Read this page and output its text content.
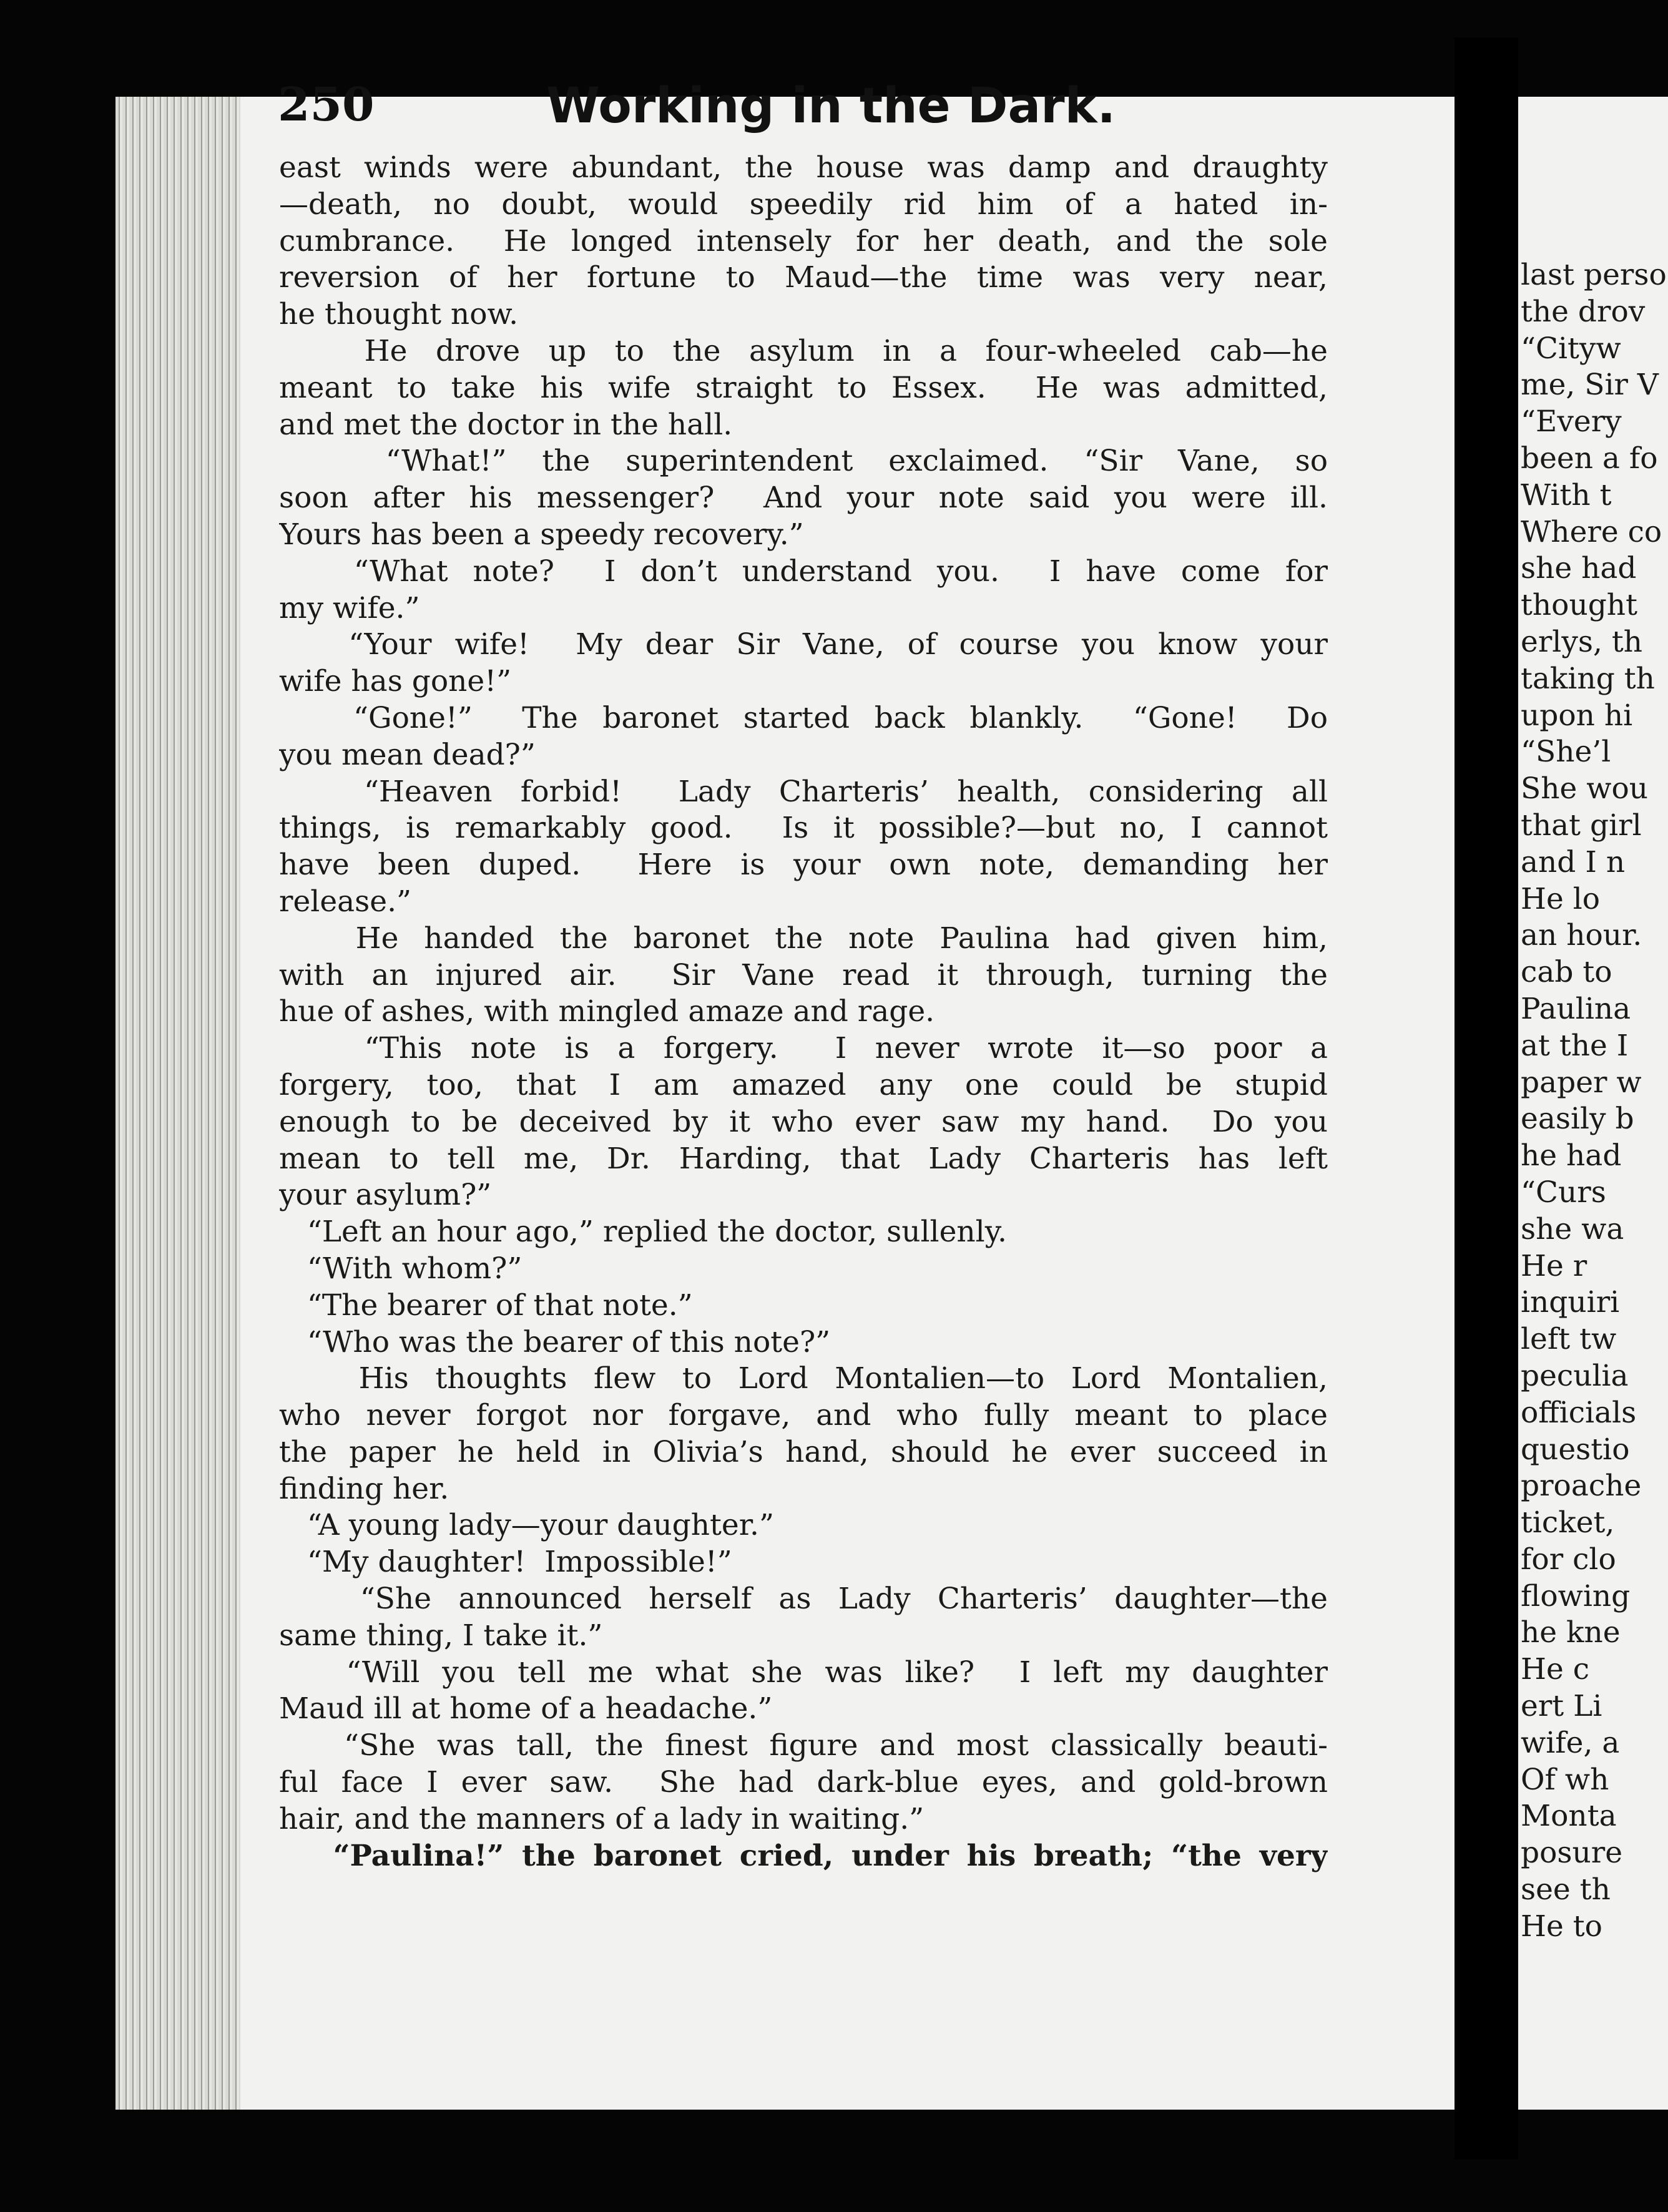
250	Working in the Dark.
east winds were abundant, the house was damp and draughty
—death, no doubt, would speedily rid him of a hated in-
cumbrance.  He longed intensely for her death, and the sole
reversion of her fortune to Maud—the time was very near,
he thought now.
He drove up to the asylum in a four-wheeled cab—he
meant to take his wife straight to Essex.  He was admitted,
and met the doctor in the hall.
“What!” the superintendent exclaimed. “Sir Vane, so
soon after his messenger?  And your note said you were ill.
Yours has been a speedy recovery.”
“What note?  I don’t understand you.  I have come for
my wife.”
“Your wife!  My dear Sir Vane, of course you know your
wife has gone!”
“Gone!”  The baronet started back blankly.  “Gone!  Do
you mean dead?”
“Heaven forbid!  Lady Charteris’ health, considering all
things, is remarkably good.  Is it possible?—but no, I cannot
have been duped.  Here is your own note, demanding her
release.”
He handed the baronet the note Paulina had given him,
with an injured air.  Sir Vane read it through, turning the
hue of ashes, with mingled amaze and rage.
“This note is a forgery.  I never wrote it—so poor a
forgery, too, that I am amazed any one could be stupid
enough to be deceived by it who ever saw my hand.  Do you
mean to tell me, Dr. Harding, that Lady Charteris has left
your asylum?”
“Left an hour ago,” replied the doctor, sullenly.
“With whom?”
“The bearer of that note.”
“Who was the bearer of this note?”
His thoughts flew to Lord Montalien—to Lord Montalien,
who never forgot nor forgave, and who fully meant to place
the paper he held in Olivia’s hand, should he ever succeed in
finding her.
“A young lady—your daughter.”
“My daughter!  Impossible!”
“She announced herself as Lady Charteris’ daughter—the
same thing, I take it.”
“Will you tell me what she was like?  I left my daughter
Maud ill at home of a headache.”
“She was tall, the finest figure and most classically beauti-
ful face I ever saw.  She had dark-blue eyes, and gold-brown
hair, and the manners of a lady in waiting.”
“Paulina!” the baronet cried, under his breath; “the very
last perso
the drov
“Cityw
me, Sir V
“Every
been a fo
With t
Where co
she had
thought
erlys, th
taking th
upon hi
“She’l
She wou
that girl
and I n
He lo
an hour.
cab to
Paulina
at the I
paper w
easily b
he had
“Curs
she wa
He r
inquiri
left tw
peculia
officials
questio
proache
ticket,
for clo
flowing
he kne
He c
ert Li
wife, a
Of wh
Monta
posure
see th
He to
